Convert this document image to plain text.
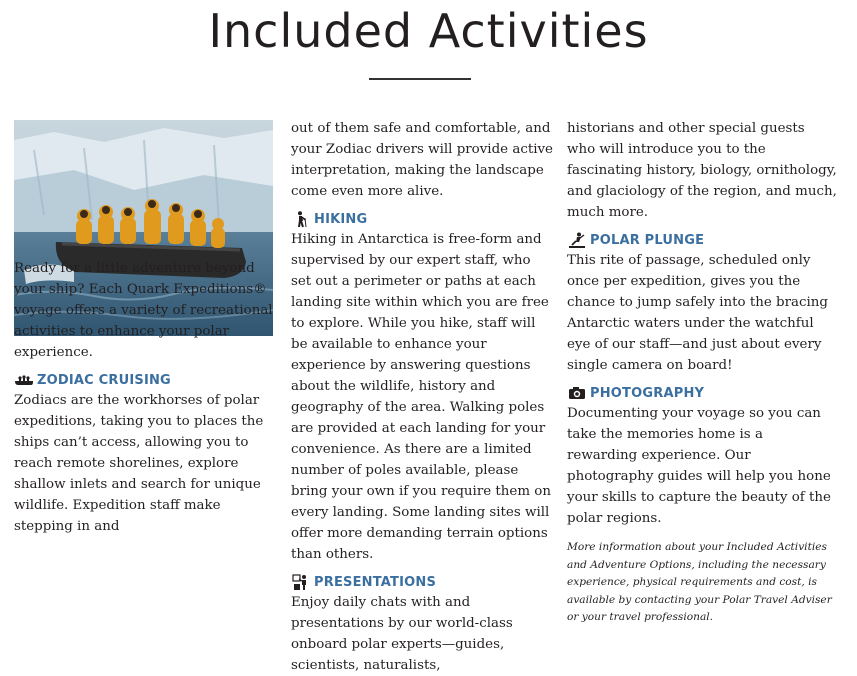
Included Activities

Ready for a little adventure beyond your ship? Each Quark Expeditions® voyage offers a variety of recreational activities to enhance your polar experience.

ZODIAC CRUISING

Zodiacs are the workhorses of polar expeditions, taking you to places the ships can’t access, allowing you to reach remote shorelines, explore shallow inlets and search for unique wildlife. Expedition staff make stepping in and

out of them safe and comfortable, and your Zodiac drivers will provide active interpretation, making the landscape come even more alive.

HIKING

Hiking in Antarctica is free-form and supervised by our expert staff, who set out a perimeter or paths at each landing site within which you are free to explore. While you hike, staff will be available to enhance your experience by answering questions about the wildlife, history and geography of the area. Walking poles are provided at each landing for your convenience. As there are a limited number of poles available, please bring your own if you require them on every landing. Some landing sites will offer more demanding terrain options than others.

PRESENTATIONS

Enjoy daily chats with and presentations by our world-class onboard polar experts—guides, scientists, naturalists,

historians and other special guests who will introduce you to the fascinating history, biology, ornithology, and glaciology of the region, and much, much more.

POLAR PLUNGE

This rite of passage, scheduled only once per expedition, gives you the chance to jump safely into the bracing Antarctic waters under the watchful eye of our staff—and just about every single camera on board!

PHOTOGRAPHY

Documenting your voyage so you can take the memories home is a rewarding experience. Our photography guides will help you hone your skills to capture the beauty of the polar regions.

More information about your Included Activities and Adventure Options, including the necessary experience, physical requirements and cost, is available by contacting your Polar Travel Adviser or your travel professional.
